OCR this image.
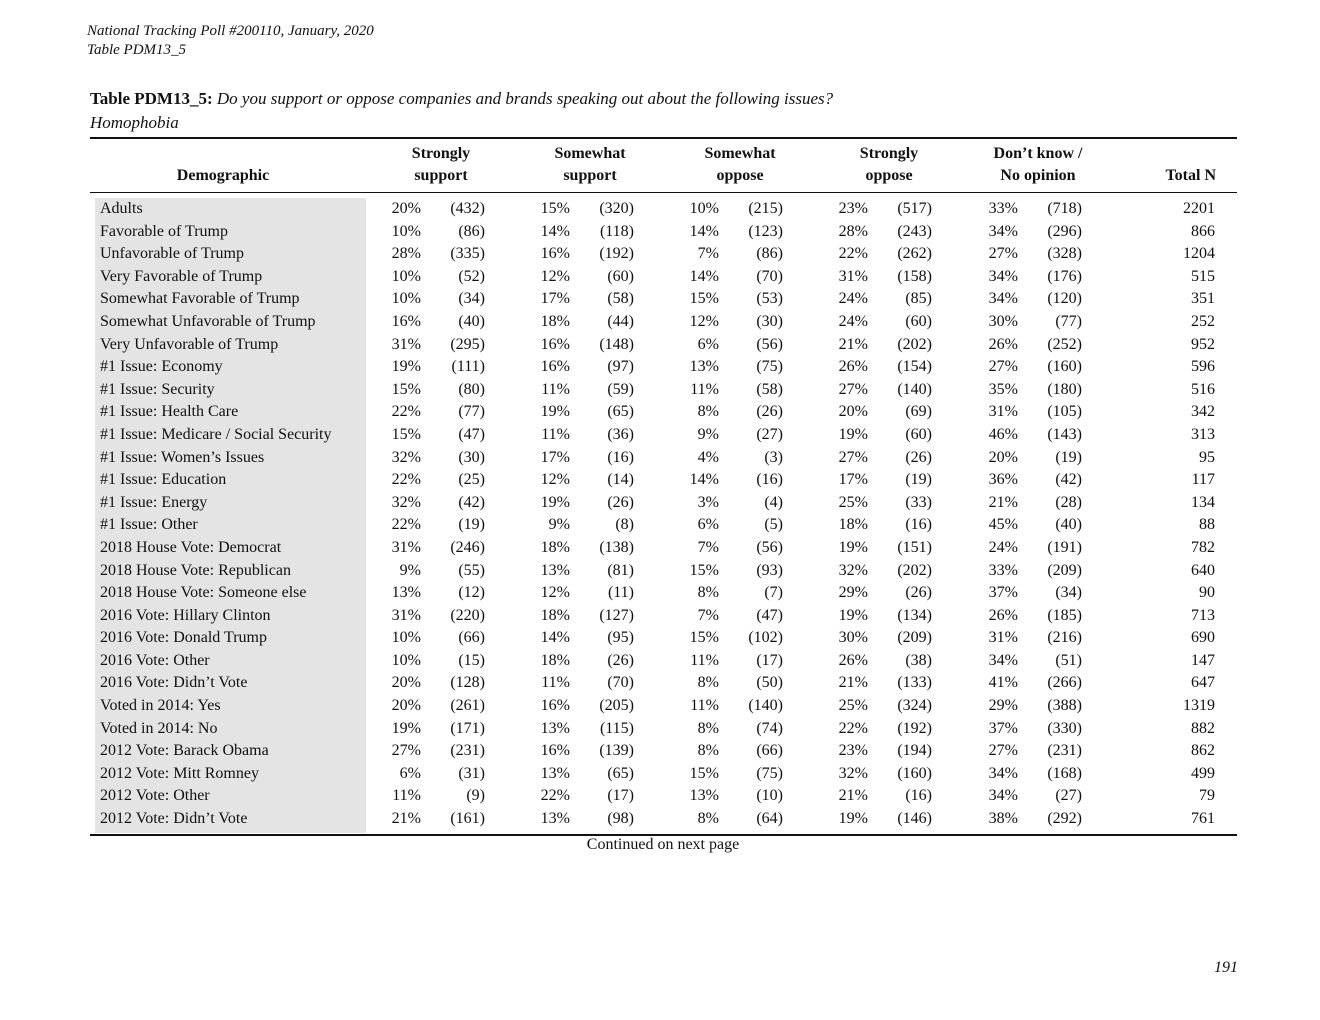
National Tracking Poll #200110, January, 2020
Table PDM13_5
Table PDM13_5: Do you support or oppose companies and brands speaking out about the following issues?
Homophobia
Demographic
Strongly
support
Somewhat
support
Somewhat
oppose
Strongly
oppose
Don’t know /
No opinion	Total N
Adults	20% (432)	15% (320)	10% (215)	23% (517)	33% (718)	2201
Favorable of Trump	10% (86)	14% (118)	14% (123)	28% (243)	34% (296)	866
Unfavorable of Trump	28% (335)	16% (192)	7% (86)	22% (262)	27% (328)	1204
Very Favorable of Trump	10% (52)	12% (60)	14% (70)	31% (158)	34% (176)	515
Somewhat Favorable of Trump	10% (34)	17% (58)	15% (53)	24% (85)	34% (120)	351
Somewhat Unfavorable of Trump	16% (40)	18% (44)	12% (30)	24% (60)	30% (77)	252
Very Unfavorable of Trump	31% (295)	16% (148)	6% (56)	21% (202)	26% (252)	952
#1 Issue: Economy	19% (111)	16% (97)	13% (75)	26% (154)	27% (160)	596
#1 Issue: Security	15% (80)	11% (59)	11% (58)	27% (140)	35% (180)	516
#1 Issue: Health Care	22% (77)	19% (65)	8% (26)	20% (69)	31% (105)	342
#1 Issue: Medicare / Social Security	15% (47)	11% (36)	9% (27)	19% (60)	46% (143)	313
#1 Issue: Women’s Issues	32% (30)	17% (16)	4%	(3)	27% (26)	20% (19)	95
#1 Issue: Education	22% (25)	12% (14)	14% (16)	17% (19)	36% (42)	117
#1 Issue: Energy	32% (42)	19% (26)	3%	(4)	25% (33)	21% (28)	134
#1 Issue: Other	22% (19)	9%	(8)	6%	(5)	18% (16)	45% (40)	88
2018 House Vote: Democrat	31% (246)	18% (138)	7% (56)	19% (151)	24% (191)	782
2018 House Vote: Republican	9% (55)	13% (81)	15% (93)	32% (202)	33% (209)	640
2018 House Vote: Someone else	13% (12)	12% (11)	8%	(7)	29% (26)	37% (34)	90
2016 Vote: Hillary Clinton	31% (220)	18% (127)	7% (47)	19% (134)	26% (185)	713
2016 Vote: Donald Trump	10% (66)	14% (95)	15% (102)	30% (209)	31% (216)	690
2016 Vote: Other	10% (15)	18% (26)	11% (17)	26% (38)	34% (51)	147
2016 Vote: Didn’t Vote	20% (128)	11% (70)	8% (50)	21% (133)	41% (266)	647
Voted in 2014: Yes	20% (261)	16% (205)	11% (140)	25% (324)	29% (388)	1319
Voted in 2014: No	19% (171)	13% (115)	8% (74)	22% (192)	37% (330)	882
2012 Vote: Barack Obama	27% (231)	16% (139)	8% (66)	23% (194)	27% (231)	862
2012 Vote: Mitt Romney	6% (31)	13% (65)	15% (75)	32% (160)	34% (168)	499
2012 Vote: Other	11%	(9)	22% (17)	13% (10)	21% (16)	34% (27)	79
2012 Vote: Didn’t Vote	21% (161)	13% (98)	8% (64)	19% (146)	38% (292)	761
Continued on next page
191
